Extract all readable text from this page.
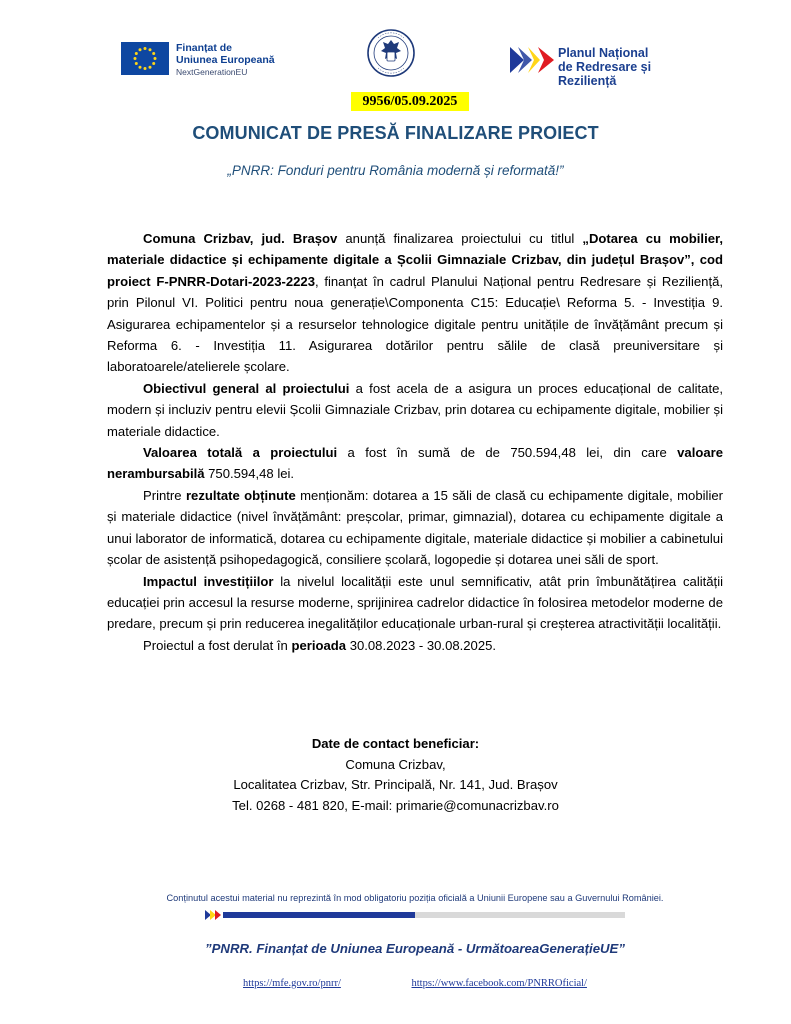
Finanțat de
Uniunea Europeană
NextGenerationEU
Planul Național
de Redresare și Reziliență
9956/05.09.2025
COMUNICAT DE PRESĂ FINALIZARE PROIECT
„PNRR: Fonduri pentru România modernă și reformată!”

Comuna Crizbav, jud. Brașov anunță finalizarea proiectului cu titlul „Dotarea cu mobilier, materiale didactice și echipamente digitale a Școlii Gimnaziale Crizbav, din județul Brașov”, cod proiect F-PNRR-Dotari-2023-2223, finanțat în cadrul Planului Național pentru Redresare și Reziliență, prin Pilonul VI. Politici pentru noua generație\Componenta C15: Educație\ Reforma 5. - Investiția 9. Asigurarea echipamentelor și a resurselor tehnologice digitale pentru unitățile de învățământ precum și Reforma 6. - Investiția 11. Asigurarea dotărilor pentru sălile de clasă preuniversitare și laboratoarele/atelierele școlare.

Obiectivul general al proiectului a fost acela de a asigura un proces educațional de calitate, modern și incluziv pentru elevii Școlii Gimnaziale Crizbav, prin dotarea cu echipamente digitale, mobilier și materiale didactice.

Valoarea totală a proiectului a fost în sumă de de 750.594,48 lei, din care valoare nerambursabilă 750.594,48 lei.

Printre rezultate obținute menționăm: dotarea a 15 săli de clasă cu echipamente digitale, mobilier și materiale didactice (nivel învățământ: preșcolar, primar, gimnazial), dotarea cu echipamente digitale a unui laborator de informatică, dotarea cu echipamente digitale, materiale didactice și mobilier a cabinetului școlar de asistență psihopedagogică, consiliere școlară, logopedie și dotarea unei săli de sport.

Impactul investițiilor la nivelul localității este unul semnificativ, atât prin îmbunătățirea calității educației prin accesul la resurse moderne, sprijinirea cadrelor didactice în folosirea metodelor moderne de predare, precum și prin reducerea inegalităților educaționale urban-rural și creșterea atractivității localității.

Proiectul a fost derulat în perioada 30.08.2023 - 30.08.2025.

Date de contact beneficiar:
Comuna Crizbav,
Localitatea Crizbav, Str. Principală, Nr. 141, Jud. Brașov
Tel. 0268 - 481 820, E-mail: primarie@comunacrizbav.ro
Conținutul acestui material nu reprezintă în mod obligatoriu poziția oficială a Uniunii Europene sau a Guvernului României.
”PNRR. Finanțat de Uniunea Europeană - UrmătoareaGenerațieUE”
https://mfe.gov.ro/pnrr/	https://www.facebook.com/PNRROficial/
